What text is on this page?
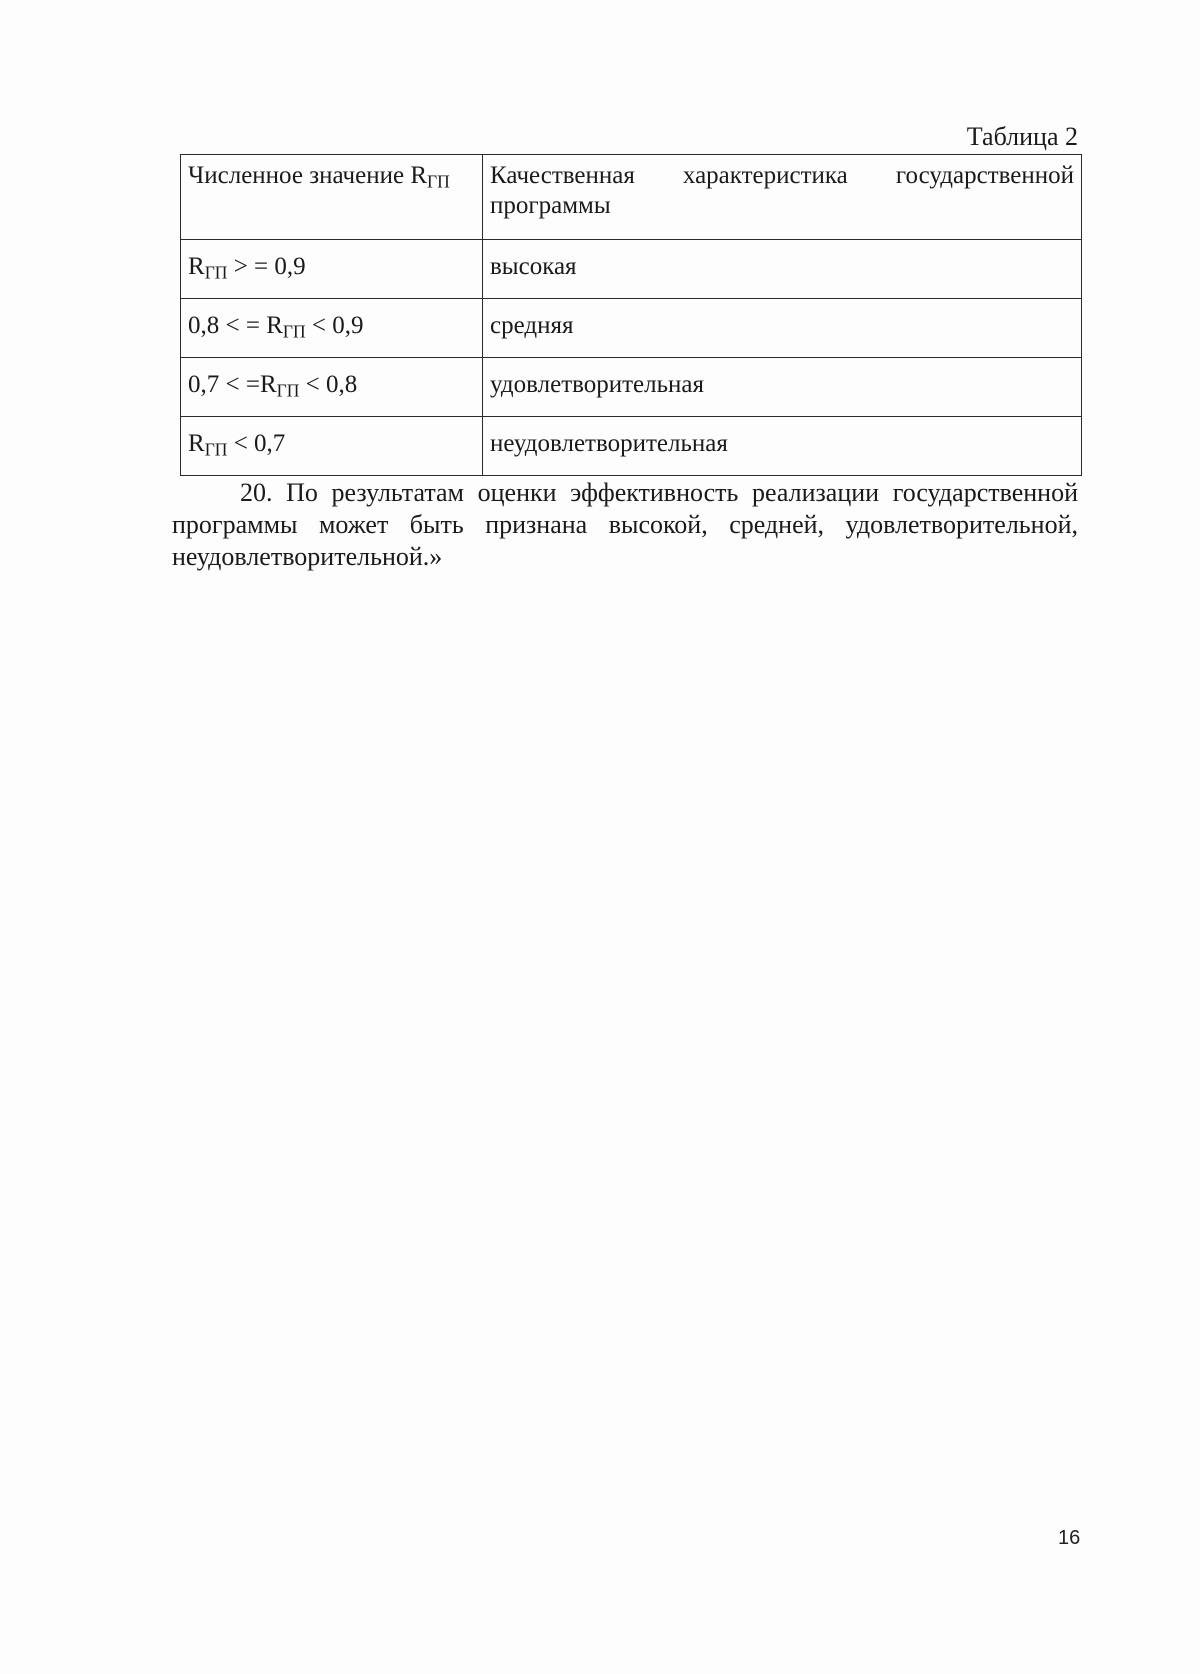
Таблица 2
Численное значение $R_{ГП}$	Качественная характеристика государственной
программы
$R_{ГП}$ > = 0,9	высокая
0,8 < = $R_{ГП} < 0,9$	средняя
$0,7 < =R_{ГП} < 0,8$	удовлетворительная
$R_{ГП} < 0,7$	неудовлетворительная

20. По результатам оценки эффективность реализации государственной программы может быть признана высокой, средней, удовлетворительной, неудовлетворительной.»

16
